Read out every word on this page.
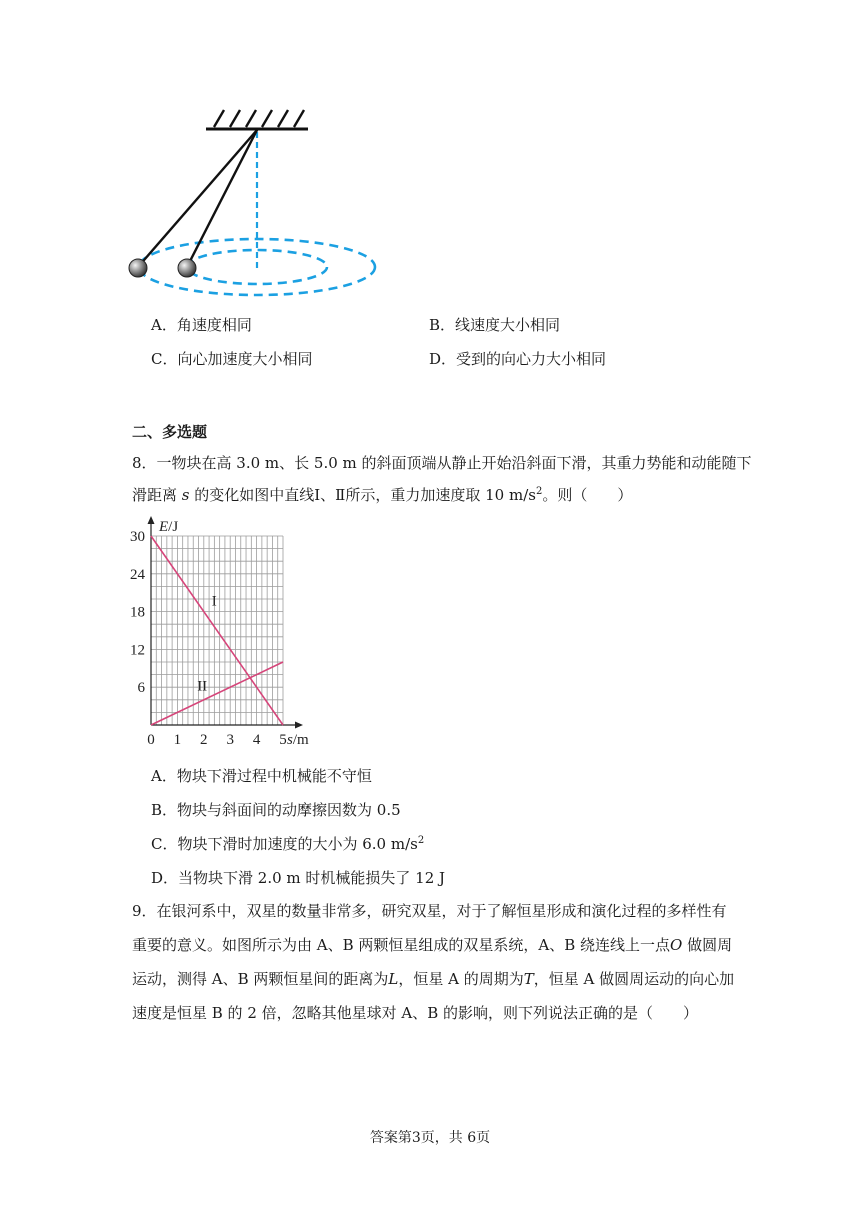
A．角速度相同	B．线速度大小相同
C．向心加速度大小相同	D．受到的向心力大小相同
二、多选题
8．一物块在高 3.0 m、长 5.0 m 的斜面顶端从静止开始沿斜面下滑，其重力势能和动能随下
滑距离 s 的变化如图中直线Ⅰ、Ⅱ所示，重力加速度取 10 $m/s^2$。则（　　）
0 1 2 3 4 5
6
12
18
24
30
I
II
E/J
s/m
A．物块下滑过程中机械能不守恒
B．物块与斜面间的动摩擦因数为 0.5
C．物块下滑时加速度的大小为 6.0 $m/s^2$
D．当物块下滑 2.0 m 时机械能损失了 12 J
9．在银河系中，双星的数量非常多，研究双星，对于了解恒星形成和演化过程的多样性有
重要的意义。如图所示为由 A、B 两颗恒星组成的双星系统，A、B 绕连线上一点O 做圆周
运动，测得 A、B 两颗恒星间的距离为L，恒星 A 的周期为T，恒星 A 做圆周运动的向心加
速度是恒星 B 的 2 倍，忽略其他星球对 A、B 的影响，则下列说法正确的是（　　）
答案第3页，共 6页
